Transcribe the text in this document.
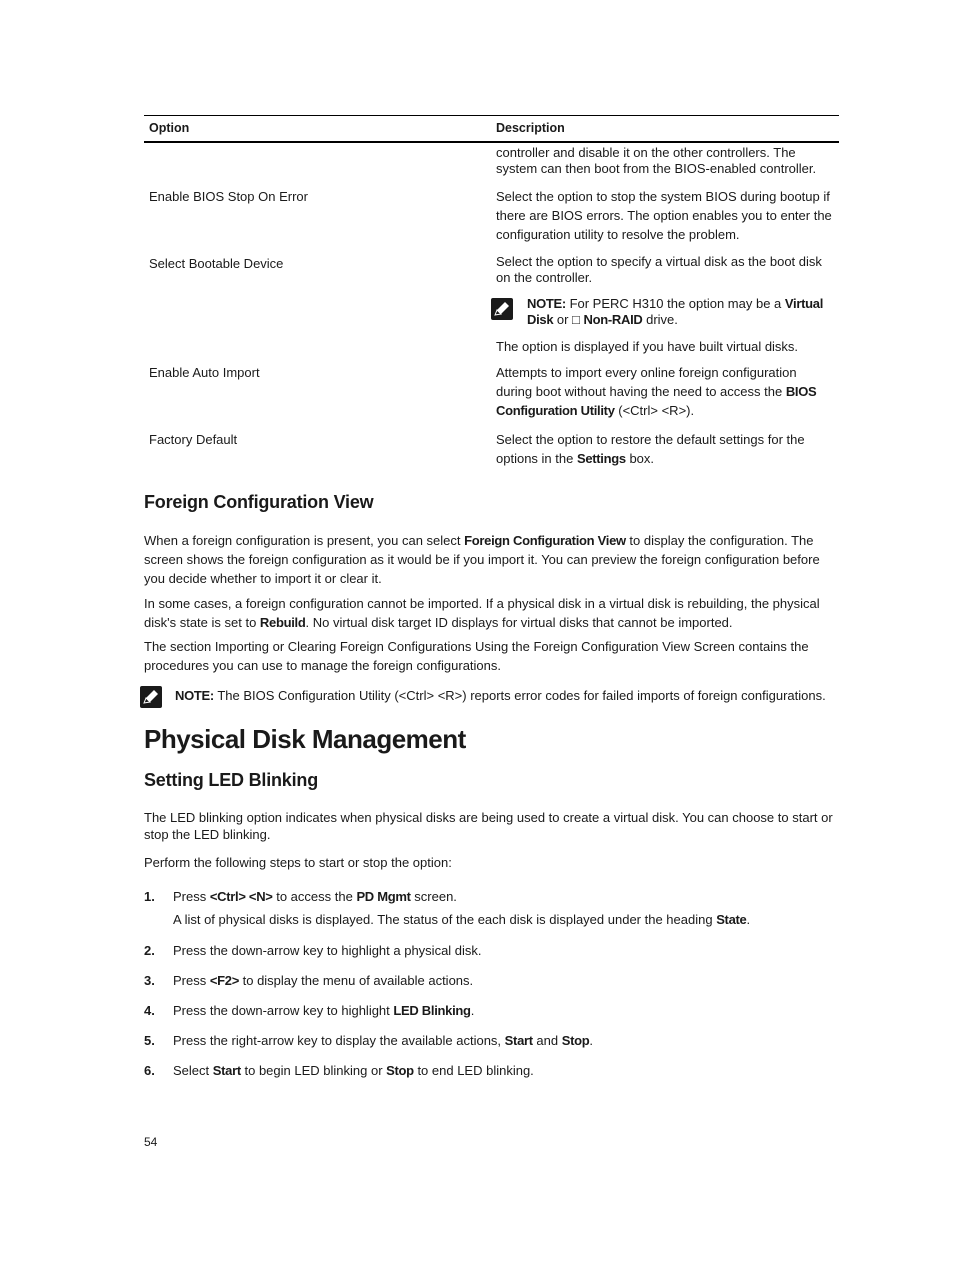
Option	Description
controller and disable it on the other controllers. The system can then boot from the BIOS-enabled controller.
Enable BIOS Stop On Error	Select the option to stop the system BIOS during bootup if there are BIOS errors. The option enables you to enter the configuration utility to resolve the problem.
Select Bootable Device	Select the option to specify a virtual disk as the boot disk on the controller.
NOTE: For PERC H310 the option may be a Virtual Disk or □ Non-RAID drive.
The option is displayed if you have built virtual disks.
Enable Auto Import	Attempts to import every online foreign configuration during boot without having the need to access the BIOS Configuration Utility (<Ctrl> <R>).
Factory Default	Select the option to restore the default settings for the options in the Settings box.
Foreign Configuration View

When a foreign configuration is present, you can select Foreign Configuration View to display the configuration. The screen shows the foreign configuration as it would be if you import it. You can preview the foreign configuration before you decide whether to import it or clear it.

In some cases, a foreign configuration cannot be imported. If a physical disk in a virtual disk is rebuilding, the physical disk's state is set to Rebuild. No virtual disk target ID displays for virtual disks that cannot be imported.

The section Importing or Clearing Foreign Configurations Using the Foreign Configuration View Screen contains the procedures you can use to manage the foreign configurations.

NOTE: The BIOS Configuration Utility (<Ctrl> <R>) reports error codes for failed imports of foreign configurations.
Physical Disk Management
Setting LED Blinking

The LED blinking option indicates when physical disks are being used to create a virtual disk. You can choose to start or stop the LED blinking.

Perform the following steps to start or stop the option:

1. Press <Ctrl> <N> to access the PD Mgmt screen.
A list of physical disks is displayed. The status of the each disk is displayed under the heading State.
2. Press the down-arrow key to highlight a physical disk.
3. Press <F2> to display the menu of available actions.
4. Press the down-arrow key to highlight LED Blinking.
5. Press the right-arrow key to display the available actions, Start and Stop.
6. Select Start to begin LED blinking or Stop to end LED blinking.
54
